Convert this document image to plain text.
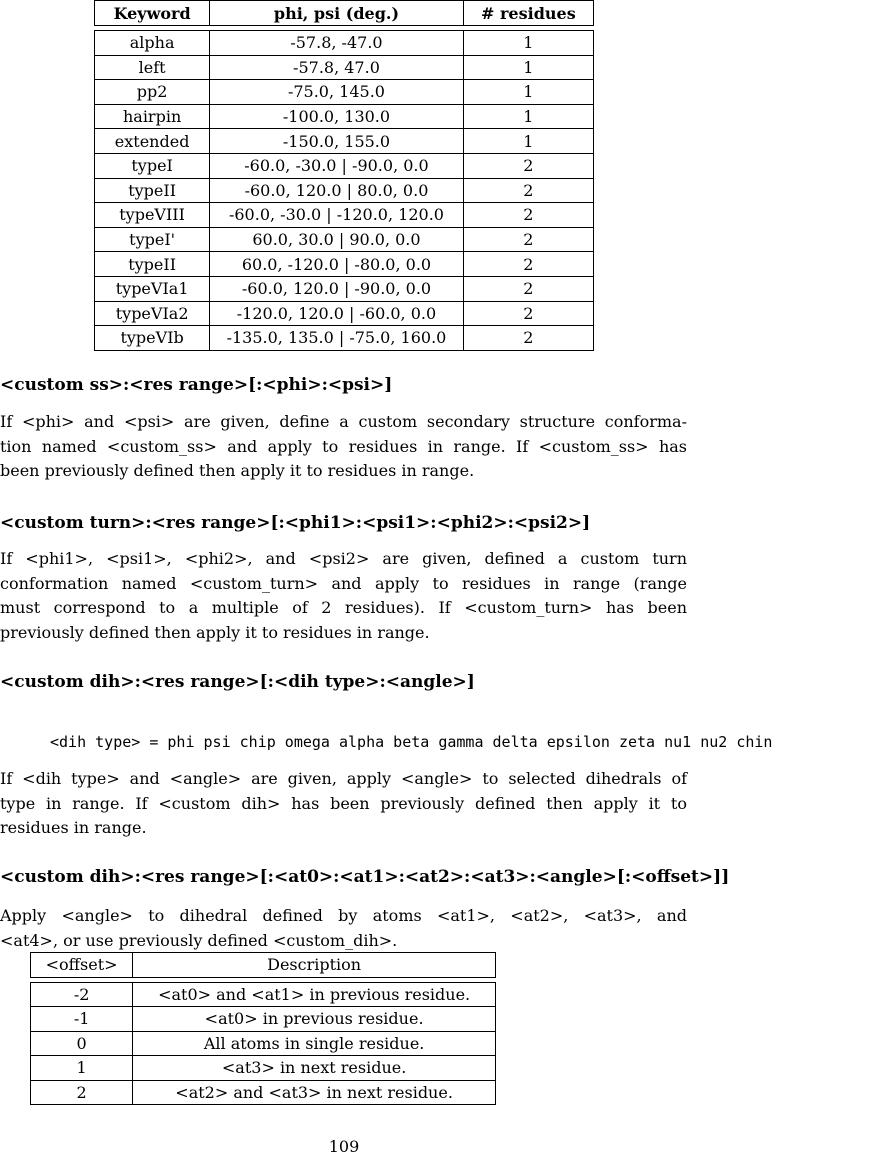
Keyword	phi, psi (deg.)	# residues

alpha	-57.8, -47.0	1
left	-57.8, 47.0	1
pp2	-75.0, 145.0	1
hairpin	-100.0, 130.0	1
extended	-150.0, 155.0	1
typeI	-60.0, -30.0 | -90.0, 0.0	2
typeII	-60.0, 120.0 | 80.0, 0.0	2
typeVIII	-60.0, -30.0 | -120.0, 120.0	2
typeI'	60.0, 30.0 | 90.0, 0.0	2
typeII	60.0, -120.0 | -80.0, 0.0	2
typeVIa1	-60.0, 120.0 | -90.0, 0.0	2
typeVIa2	-120.0, 120.0 | -60.0, 0.0	2
typeVIb	-135.0, 135.0 | -75.0, 160.0	2
<custom ss>:<res range>[:<phi>:<psi>]
If <phi> and <psi> are given, define a custom secondary structure conforma-
tion named <custom_ss> and apply to residues in range. If <custom_ss> has
been previously defined then apply it to residues in range.
<custom turn>:<res range>[:<phi1>:<psi1>:<phi2>:<psi2>]
If <phi1>, <psi1>, <phi2>, and <psi2> are given, defined a custom turn
conformation named <custom_turn> and apply to residues in range (range
must correspond to a multiple of 2 residues). If <custom_turn> has been
previously defined then apply it to residues in range.
<custom dih>:<res range>[:<dih type>:<angle>]
<dih type> = phi psi chip omega alpha beta gamma delta epsilon zeta nu1 nu2 chin
If <dih type> and <angle> are given, apply <angle> to selected dihedrals of
type in range. If <custom dih> has been previously defined then apply it to
residues in range.
<custom dih>:<res range>[:<at0>:<at1>:<at2>:<at3>:<angle>[:<offset>]]
Apply <angle> to dihedral defined by atoms <at1>, <at2>, <at3>, and
<at4>, or use previously defined <custom_dih>.
<offset>	Description

-2	<at0> and <at1> in previous residue.
-1	<at0> in previous residue.
0	All atoms in single residue.
1	<at3> in next residue.
2	<at2> and <at3> in next residue.
109
